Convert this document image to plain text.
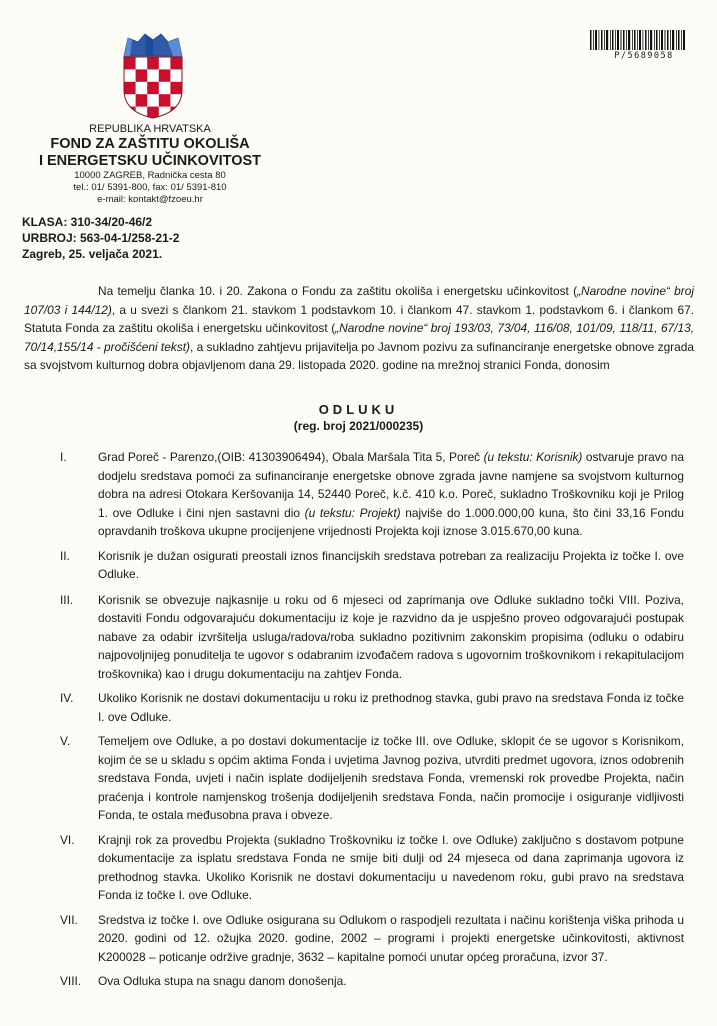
P/5689058
REPUBLIKA HRVATSKA
FOND ZA ZAŠTITU OKOLIŠA
I ENERGETSKU UČINKOVITOST
10000 ZAGREB, Radnička cesta 80
tel.: 01/ 5391-800, fax: 01/ 5391-810
e-mail: kontakt@fzoeu.hr
KLASA: 310-34/20-46/2
URBROJ: 563-04-1/258-21-2
Zagreb, 25. veljača 2021.
Na temelju članka 10. i 20. Zakona o Fondu za zaštitu okoliša i energetsku učinkovitost („Narodne novine“ broj 107/03 i 144/12), a u svezi s člankom 21. stavkom 1 podstavkom 10. i člankom 47. stavkom 1. podstavkom 6. i člankom 67. Statuta Fonda za zaštitu okoliša i energetsku učinkovitost („Narodne novine“ broj 193/03, 73/04, 116/08, 101/09, 118/11, 67/13, 70/14,155/14 - pročišćeni tekst), a sukladno zahtjevu prijavitelja po Javnom pozivu za sufinanciranje energetske obnove zgrada sa svojstvom kulturnog dobra objavljenom dana 29. listopada 2020. godine na mrežnoj stranici Fonda, donosim
ODLUKU
(reg. broj 2021/000235)
I.	Grad Poreč - Parenzo,(OIB: 41303906494), Obala Maršala Tita 5, Poreč (u tekstu: Korisnik) ostvaruje pravo na dodjelu sredstava pomoći za sufinanciranje energetske obnove zgrada javne namjene sa svojstvom kulturnog dobra na adresi Otokara Keršovanija 14, 52440 Poreč, k.č. 410 k.o. Poreč, sukladno Troškovniku koji je Prilog 1. ove Odluke i čini njen sastavni dio (u tekstu: Projekt) najviše do 1.000.000,00 kuna, što čini 33,16 Fondu opravdanih troškova ukupne procijenjene vrijednosti Projekta koji iznose 3.015.670,00 kuna.
II.	Korisnik je dužan osigurati preostali iznos financijskih sredstava potreban za realizaciju Projekta iz točke I. ove Odluke.
III.	Korisnik se obvezuje najkasnije u roku od 6 mjeseci od zaprimanja ove Odluke sukladno točki VIII. Poziva, dostaviti Fondu odgovarajuću dokumentaciju iz koje je razvidno da je uspješno proveo odgovarajući postupak nabave za odabir izvršitelja usluga/radova/roba sukladno pozitivnim zakonskim propisima (odluku o odabiru najpovoljnijeg ponuditelja te ugovor s odabranim izvođačem radova s ugovornim troškovnikom i rekapitulacijom troškovnika) kao i drugu dokumentaciju na zahtjev Fonda.
IV.	Ukoliko Korisnik ne dostavi dokumentaciju u roku iz prethodnog stavka, gubi pravo na sredstava Fonda iz točke I. ove Odluke.
V.	Temeljem ove Odluke, a po dostavi dokumentacije iz točke III. ove Odluke, sklopit će se ugovor s Korisnikom, kojim će se u skladu s općim aktima Fonda i uvjetima Javnog poziva, utvrditi predmet ugovora, iznos odobrenih sredstava Fonda, uvjeti i način isplate dodijeljenih sredstava Fonda, vremenski rok provedbe Projekta, način praćenja i kontrole namjenskog trošenja dodijeljenih sredstava Fonda, način promocije i osiguranje vidljivosti Fonda, te ostala međusobna prava i obveze.
VI.	Krajnji rok za provedbu Projekta (sukladno Troškovniku iz točke I. ove Odluke) zaključno s dostavom potpune dokumentacije za isplatu sredstava Fonda ne smije biti dulji od 24 mjeseca od dana zaprimanja ugovora iz prethodnog stavka. Ukoliko Korisnik ne dostavi dokumentaciju u navedenom roku, gubi pravo na sredstava Fonda iz točke I. ove Odluke.
VII.	Sredstva iz točke I. ove Odluke osigurana su Odlukom o raspodjeli rezultata i načinu korištenja viška prihoda u 2020. godini od 12. ožujka 2020. godine, 2002 – programi i projekti energetske učinkovitosti, aktivnost K200028 – poticanje održive gradnje, 3632 – kapitalne pomoći unutar općeg proračuna, izvor 37.
VIII.	Ova Odluka stupa na snagu danom donošenja.
